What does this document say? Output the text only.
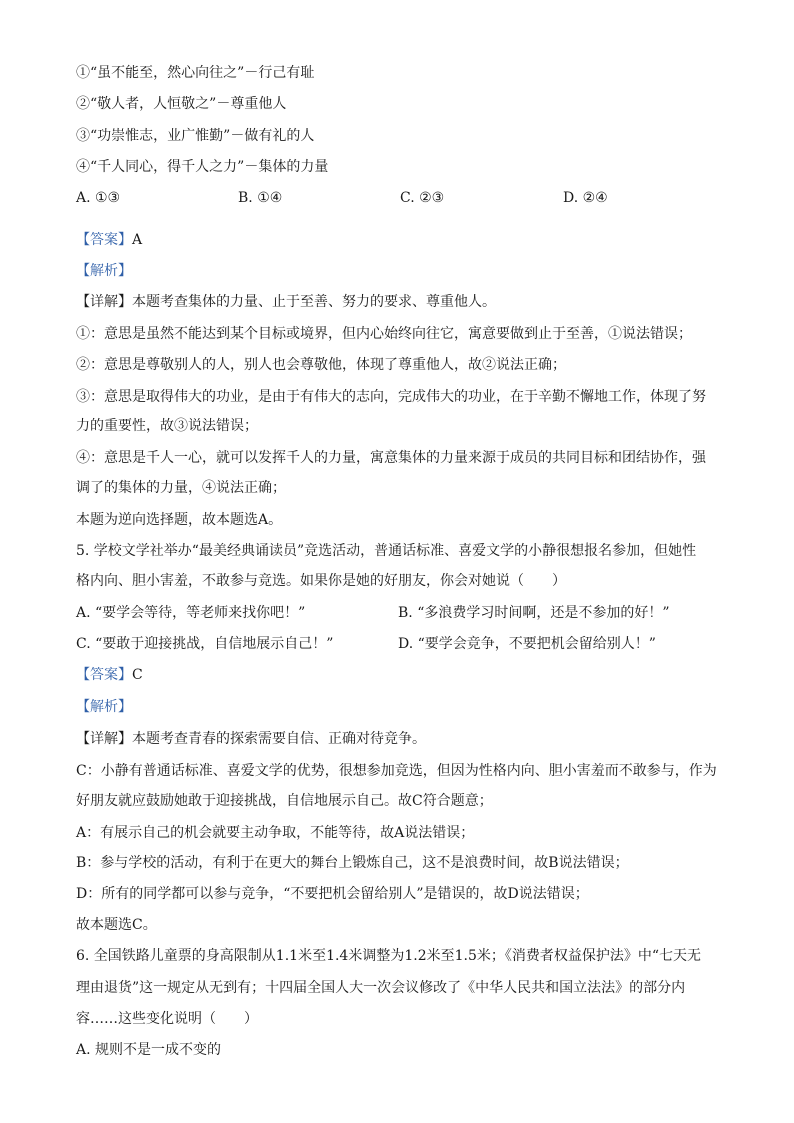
①“虽不能至，然心向往之”－行己有耻
②“敬人者，人恒敬之”－尊重他人
③“功崇惟志，业广惟勤”－做有礼的人
④“千人同心，得千人之力”－集体的力量
A. ①③	B. ①④	C. ②③	D. ②④
【答案】A
【解析】
【详解】本题考查集体的力量、止于至善、努力的要求、尊重他人。
①：意思是虽然不能达到某个目标或境界，但内心始终向往它，寓意要做到止于至善，①说法错误；
②：意思是尊敬别人的人，别人也会尊敬他，体现了尊重他人，故②说法正确；
③：意思是取得伟大的功业，是由于有伟大的志向，完成伟大的功业，在于辛勤不懈地工作，体现了努
力的重要性，故③说法错误；
④：意思是千人一心，就可以发挥千人的力量，寓意集体的力量来源于成员的共同目标和团结协作，强
调了的集体的力量，④说法正确；
本题为逆向选择题，故本题选A。
5. 学校文学社举办“最美经典诵读员”竞选活动，普通话标准、喜爱文学的小静很想报名参加，但她性
格内向、胆小害羞，不敢参与竞选。如果你是她的好朋友，你会对她说（　　）
A. “要学会等待，等老师来找你吧！”	B. “多浪费学习时间啊，还是不参加的好！”
C. “要敢于迎接挑战，自信地展示自己！”	D. “要学会竞争，不要把机会留给别人！”
【答案】C
【解析】
【详解】本题考查青春的探索需要自信、正确对待竞争。
C：小静有普通话标准、喜爱文学的优势，很想参加竞选，但因为性格内向、胆小害羞而不敢参与，作为
好朋友就应鼓励她敢于迎接挑战，自信地展示自己。故C符合题意；
A：有展示自己的机会就要主动争取，不能等待，故A说法错误；
B：参与学校的活动，有利于在更大的舞台上锻炼自己，这不是浪费时间，故B说法错误；
D：所有的同学都可以参与竞争，“不要把机会留给别人”是错误的，故D说法错误；
故本题选C。
6. 全国铁路儿童票的身高限制从1.1米至1.4米调整为1.2米至1.5米；《消费者权益保护法》中“七天无
理由退货”这一规定从无到有；十四届全国人大一次会议修改了《中华人民共和国立法法》的部分内
容……这些变化说明（　　）
A. 规则不是一成不变的
